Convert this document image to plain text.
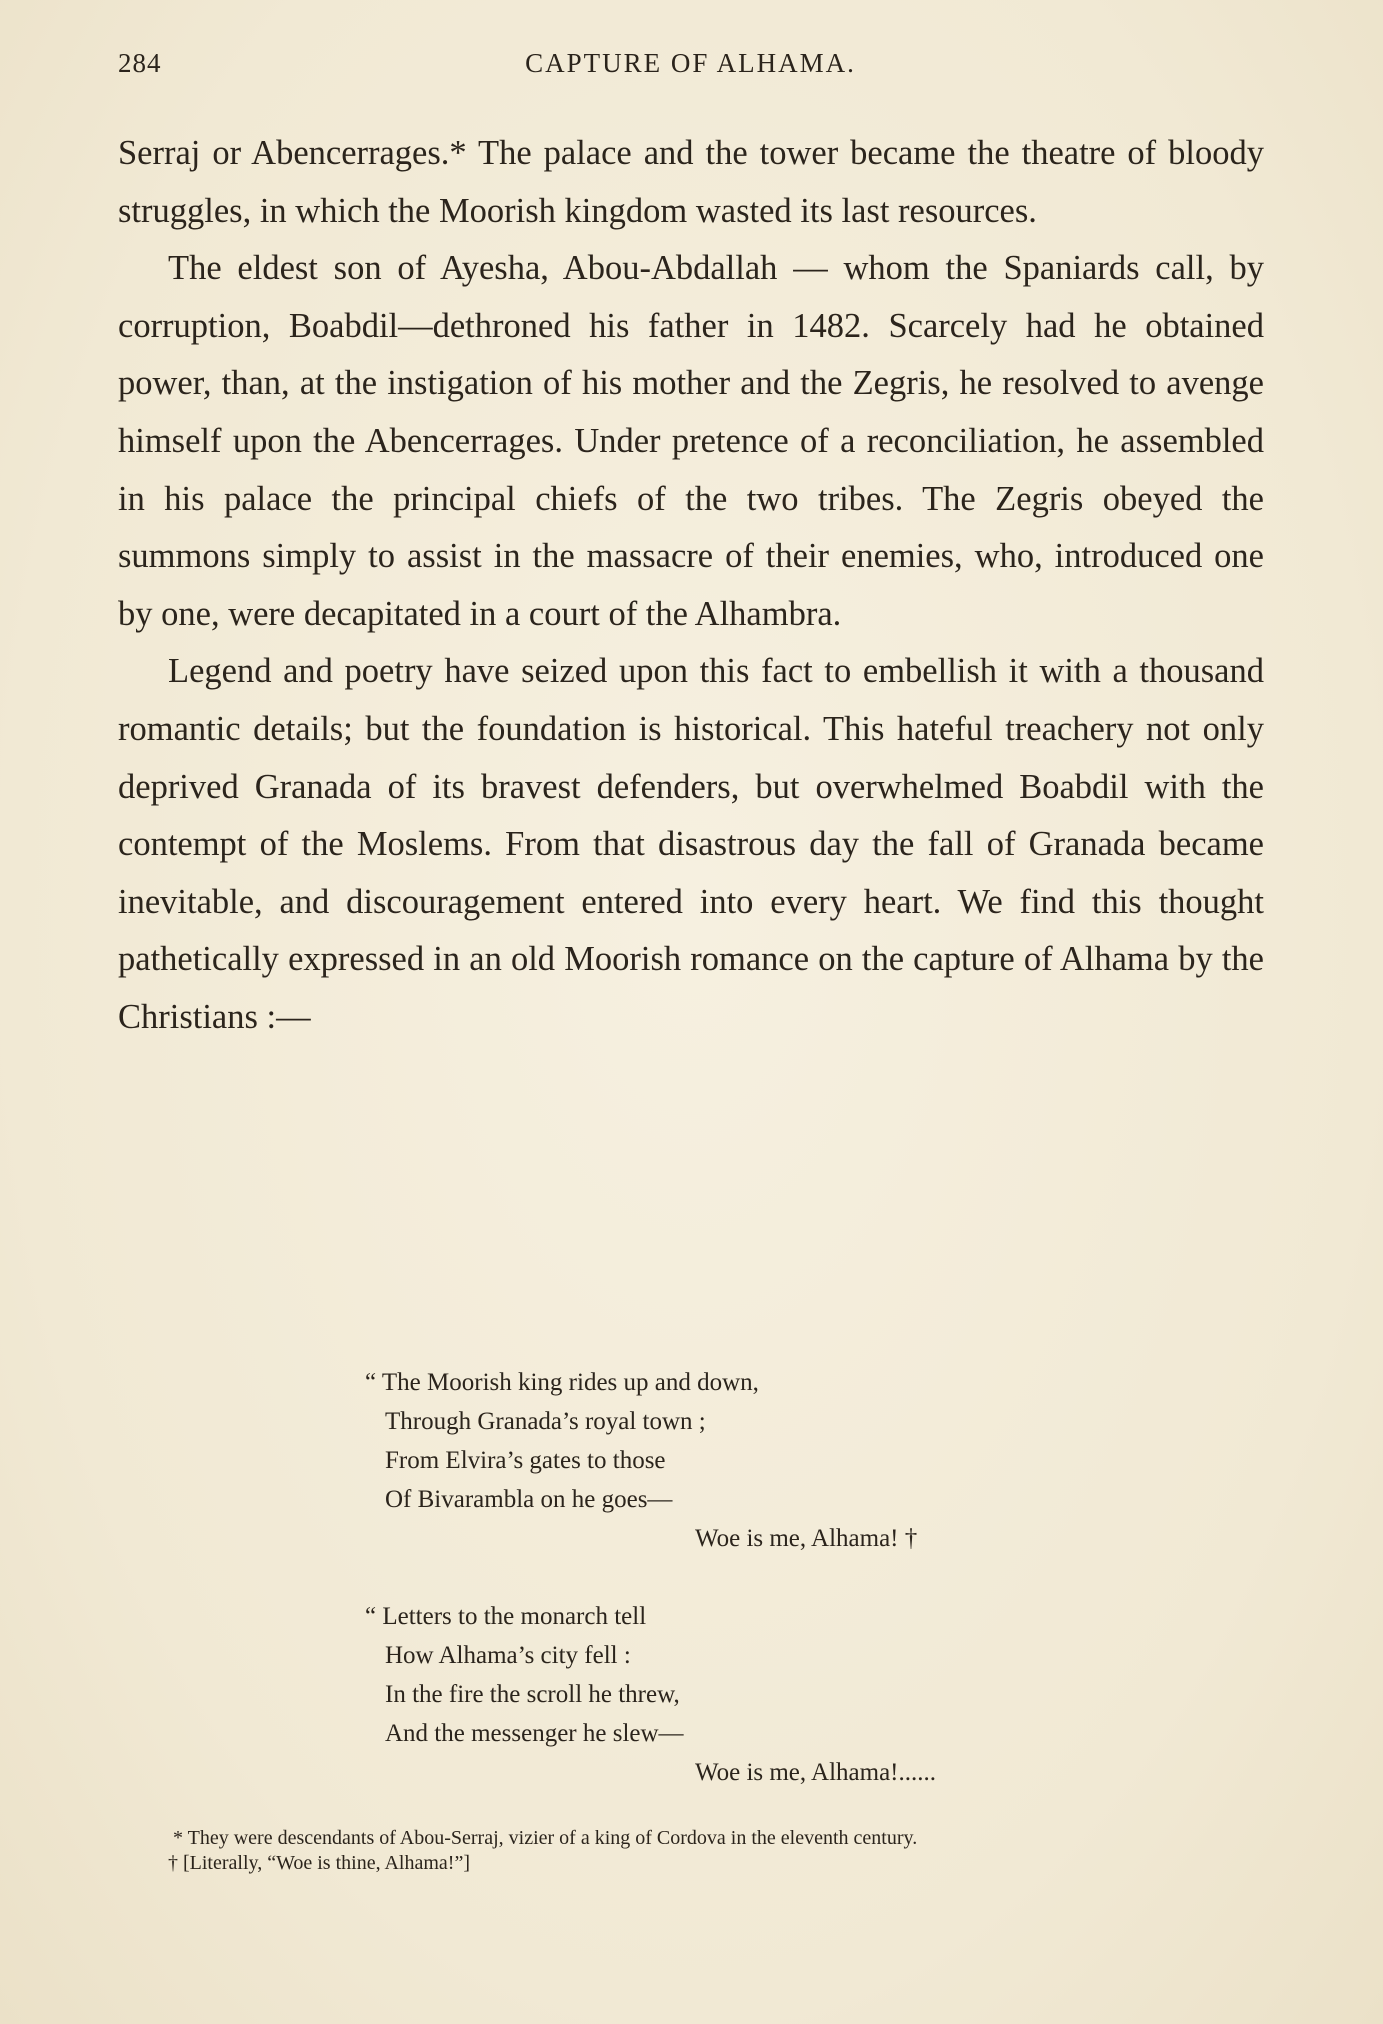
284	CAPTURE OF ALHAMA.

Serraj or Abencerrages.* The palace and the tower became the theatre of bloody struggles, in which the Moorish kingdom wasted its last resources.

The eldest son of Ayesha, Abou-Abdallah — whom the Spaniards call, by corruption, Boabdil—dethroned his father in 1482. Scarcely had he obtained power, than, at the instigation of his mother and the Zegris, he resolved to avenge himself upon the Abencerrages. Under pretence of a reconciliation, he assembled in his palace the principal chiefs of the two tribes. The Zegris obeyed the summons simply to assist in the massacre of their enemies, who, introduced one by one, were decapitated in a court of the Alhambra.

Legend and poetry have seized upon this fact to embellish it with a thousand romantic details; but the foundation is historical. This hateful treachery not only deprived Granada of its bravest defenders, but overwhelmed Boabdil with the contempt of the Moslems. From that disastrous day the fall of Granada became inevitable, and discouragement entered into every heart. We find this thought pathetically expressed in an old Moorish romance on the capture of Alhama by the Christians :—

“ The Moorish king rides up and down,
Through Granada’s royal town ;
From Elvira’s gates to those
Of Bivarambla on he goes—
Woe is me, Alhama! †
“ Letters to the monarch tell
How Alhama’s city fell :
In the fire the scroll he threw,
And the messenger he slew—
Woe is me, Alhama!......

* They were descendants of Abou-Serraj, vizier of a king of Cordova in the eleventh century.

† [Literally, “Woe is thine, Alhama!”]
